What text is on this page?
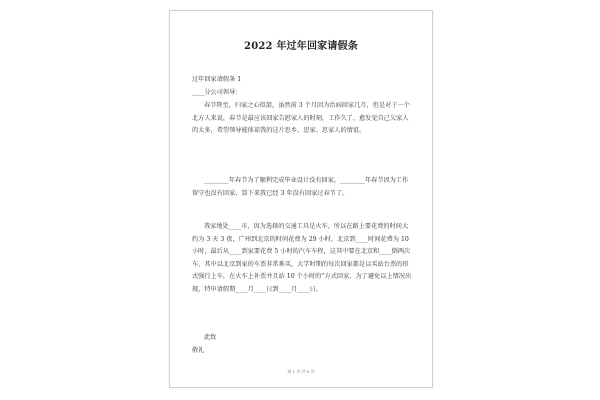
2022 年过年回家请假条
过年回家请假条 1
____分公司领导：
春节降至，归家之心似箭，虽然前 3 个月因为治病回家几月，但是对于一个北方人来说，春节是最应该回家告慰家人的时刻，工作久了，愈发觉自己欠家人的太多，希望领导能体谅我的这片思乡、思家、思家人的情谊。
________年春节为了顺利完成毕业设计没有回家，________年春节因为工作留守也没有回家，算下来我已经 3 年没有回家过春节了。
我家地处____市，因为选择的交通工具是火车，所以在路上要花费的时间大约为 3 天 3 夜，广州到北京的时间花费为 29 小时，北京到____时间花费为 10 小时，最后从____到家要花费 5 小时的汽车车程，这其中要在北京和____倒两次车，其中以北京到家的车票非常难买，大学时期的每次回家都是以买站台票的形式强行上车，在火车上补票并且站 10 个小时的”方式回家，为了避免以上情况出现，特申请假期____月____日到____月____日。
此致
敬礼
第 1 页 共 8 页
